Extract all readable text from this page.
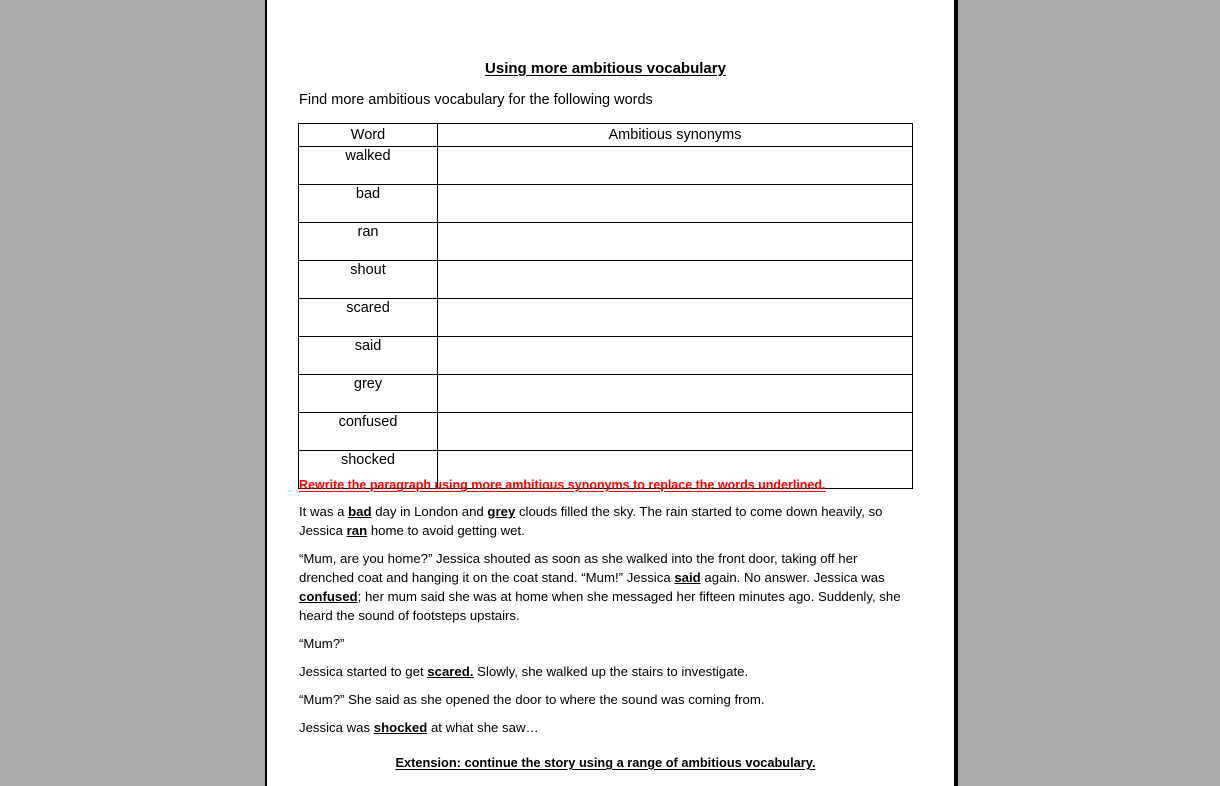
Using more ambitious vocabulary
Find more ambitious vocabulary for the following words
Word	Ambitious synonyms
walked	
bad	
ran	
shout	
scared	
said	
grey	
confused	
shocked	
Rewrite the paragraph using more ambitious synonyms to replace the words underlined.

It was a bad day in London and grey clouds filled the sky. The rain started to come down heavily, so Jessica ran home to avoid getting wet.

“Mum, are you home?” Jessica shouted as soon as she walked into the front door, taking off her drenched coat and hanging it on the coat stand. “Mum!” Jessica said again. No answer. Jessica was confused; her mum said she was at home when she messaged her fifteen minutes ago. Suddenly, she heard the sound of footsteps upstairs.

“Mum?”

Jessica started to get scared. Slowly, she walked up the stairs to investigate.

“Mum?” She said as she opened the door to where the sound was coming from.

Jessica was shocked at what she saw…

Extension: continue the story using a range of ambitious vocabulary.
